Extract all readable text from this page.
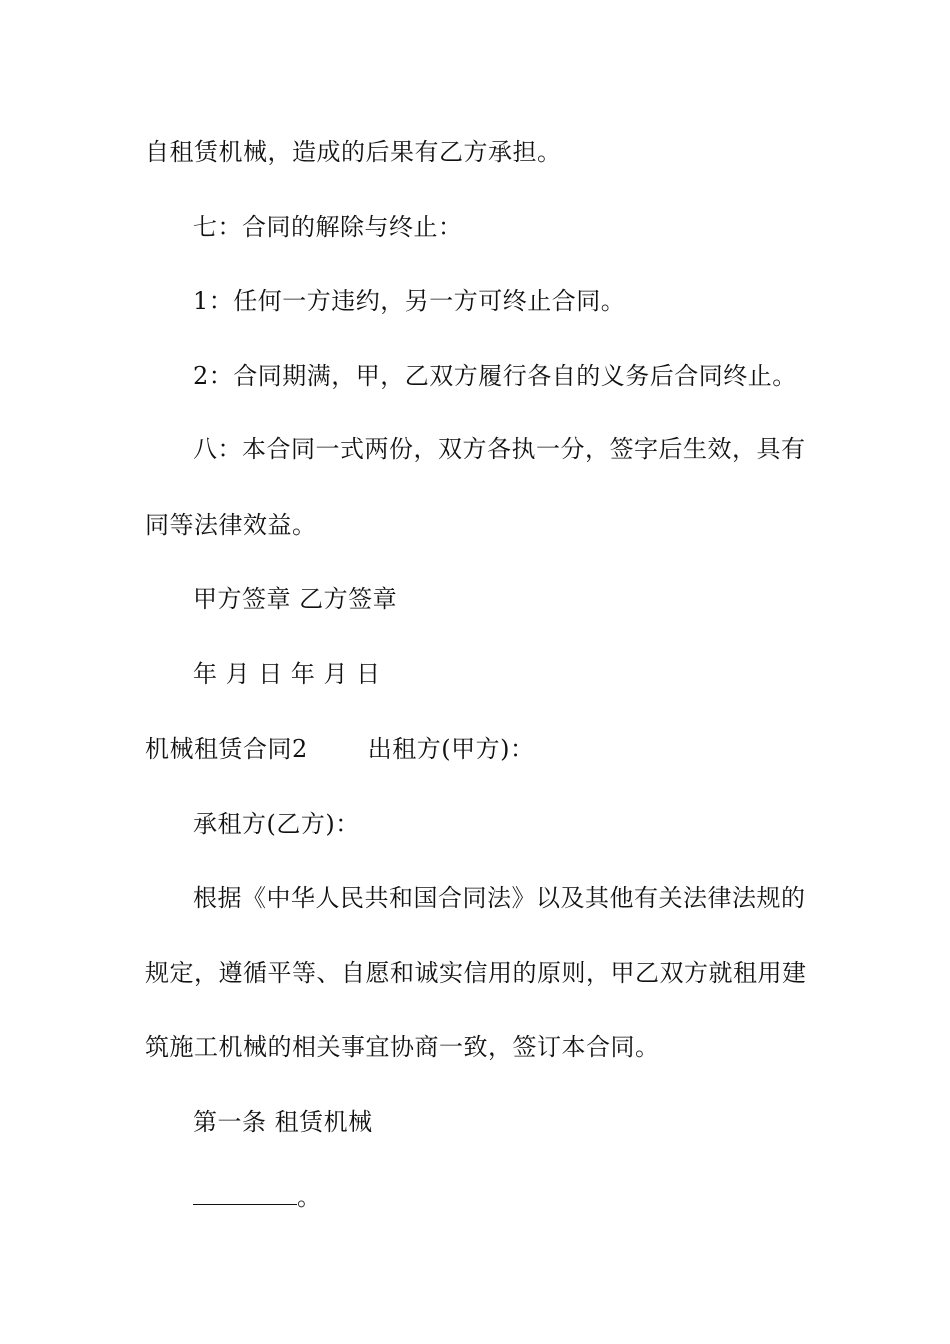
自租赁机械，造成的后果有乙方承担。
七：合同的解除与终止：
1：任何一方违约，另一方可终止合同。
2：合同期满，甲，乙双方履行各自的义务后合同终止。
八：本合同一式两份，双方各执一分，签字后生效，具有
同等法律效益。
甲方签章 乙方签章
年 月 日 年 月 日
机械租赁合同2	出租方(甲方)：
承租方(乙方)：
根据《中华人民共和国合同法》以及其他有关法律法规的
规定，遵循平等、自愿和诚实信用的原则，甲乙双方就租用建
筑施工机械的相关事宜协商一致，签订本合同。
第一条 租赁机械
。
